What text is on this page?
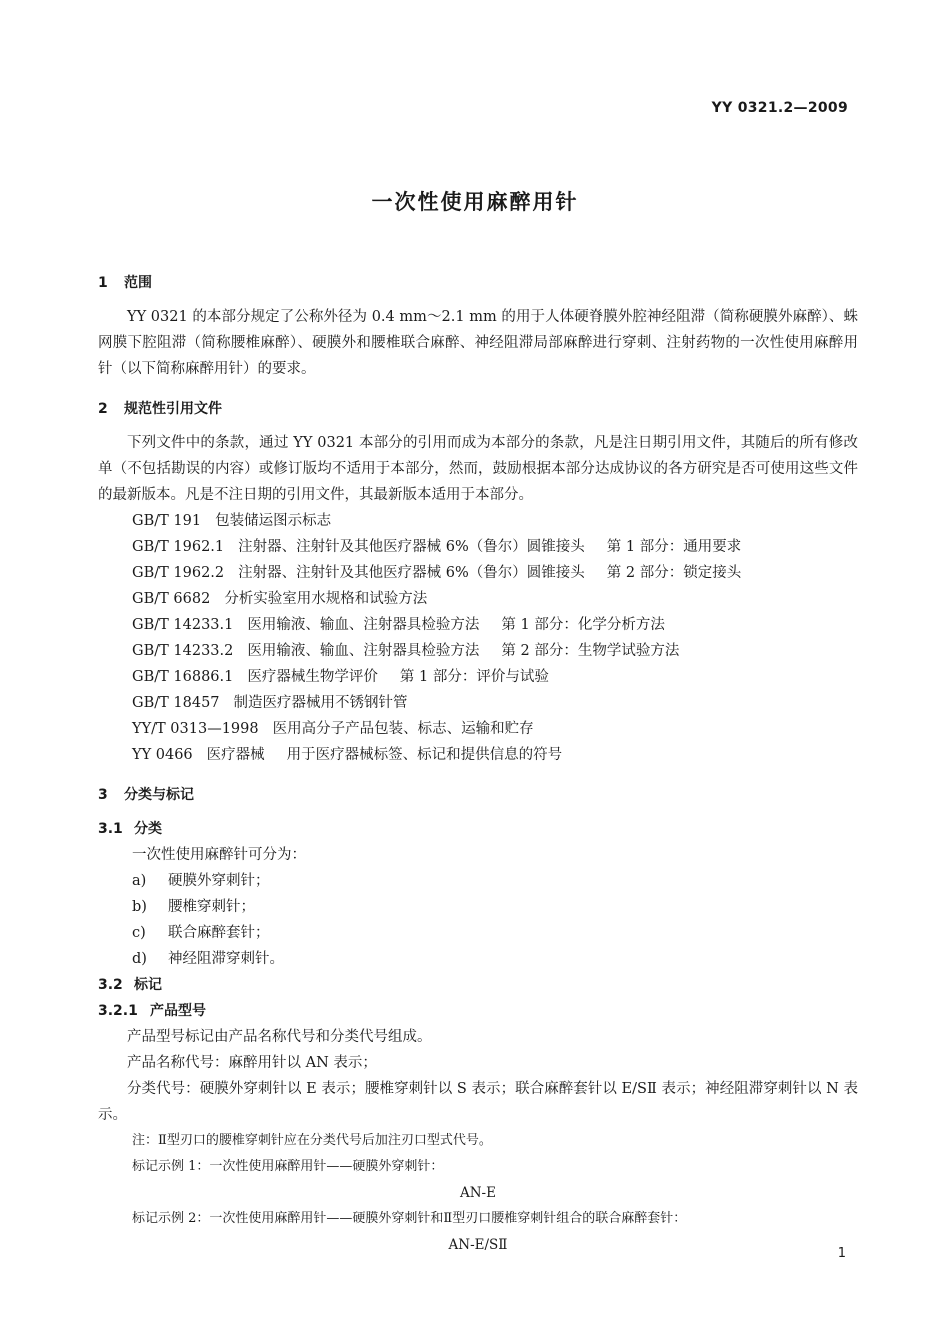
YY 0321.2—2009
一次性使用麻醉用针
1 范围

YY 0321 的本部分规定了公称外径为 0.4 mm～2.1 mm 的用于人体硬脊膜外腔神经阻滞（简称硬膜外麻醉）、蛛网膜下腔阻滞（简称腰椎麻醉）、硬膜外和腰椎联合麻醉、神经阻滞局部麻醉进行穿刺、注射药物的一次性使用麻醉用针（以下简称麻醉用针）的要求。

2 规范性引用文件

下列文件中的条款，通过 YY 0321 本部分的引用而成为本部分的条款，凡是注日期引用文件，其随后的所有修改单（不包括勘误的内容）或修订版均不适用于本部分，然而，鼓励根据本部分达成协议的各方研究是否可使用这些文件的最新版本。凡是不注日期的引用文件，其最新版本适用于本部分。

GB/T 191 包装储运图示标志
GB/T 1962.1 注射器、注射针及其他医疗器械 6%（鲁尔）圆锥接头 第 1 部分：通用要求
GB/T 1962.2 注射器、注射针及其他医疗器械 6%（鲁尔）圆锥接头 第 2 部分：锁定接头
GB/T 6682 分析实验室用水规格和试验方法
GB/T 14233.1 医用输液、输血、注射器具检验方法 第 1 部分：化学分析方法
GB/T 14233.2 医用输液、输血、注射器具检验方法 第 2 部分：生物学试验方法
GB/T 16886.1 医疗器械生物学评价 第 1 部分：评价与试验
GB/T 18457 制造医疗器械用不锈钢针管
YY/T 0313—1998 医用高分子产品包装、标志、运输和贮存
YY 0466 医疗器械 用于医疗器械标签、标记和提供信息的符号
3 分类与标记
3.1 分类

一次性使用麻醉针可分为：

a) 硬膜外穿刺针；
b) 腰椎穿刺针；
c) 联合麻醉套针；
d) 神经阻滞穿刺针。
3.2 标记
3.2.1 产品型号

产品型号标记由产品名称代号和分类代号组成。

产品名称代号：麻醉用针以 AN 表示；

分类代号：硬膜外穿刺针以 E 表示；腰椎穿刺针以 S 表示；联合麻醉套针以 E/SⅡ 表示；神经阻滞穿刺针以 N 表示。

注：Ⅱ型刃口的腰椎穿刺针应在分类代号后加注刃口型式代号。

标记示例 1：一次性使用麻醉用针——硬膜外穿刺针：

AN-E

标记示例 2：一次性使用麻醉用针——硬膜外穿刺针和Ⅱ型刃口腰椎穿刺针组合的联合麻醉套针：

AN-E/SⅡ

1
